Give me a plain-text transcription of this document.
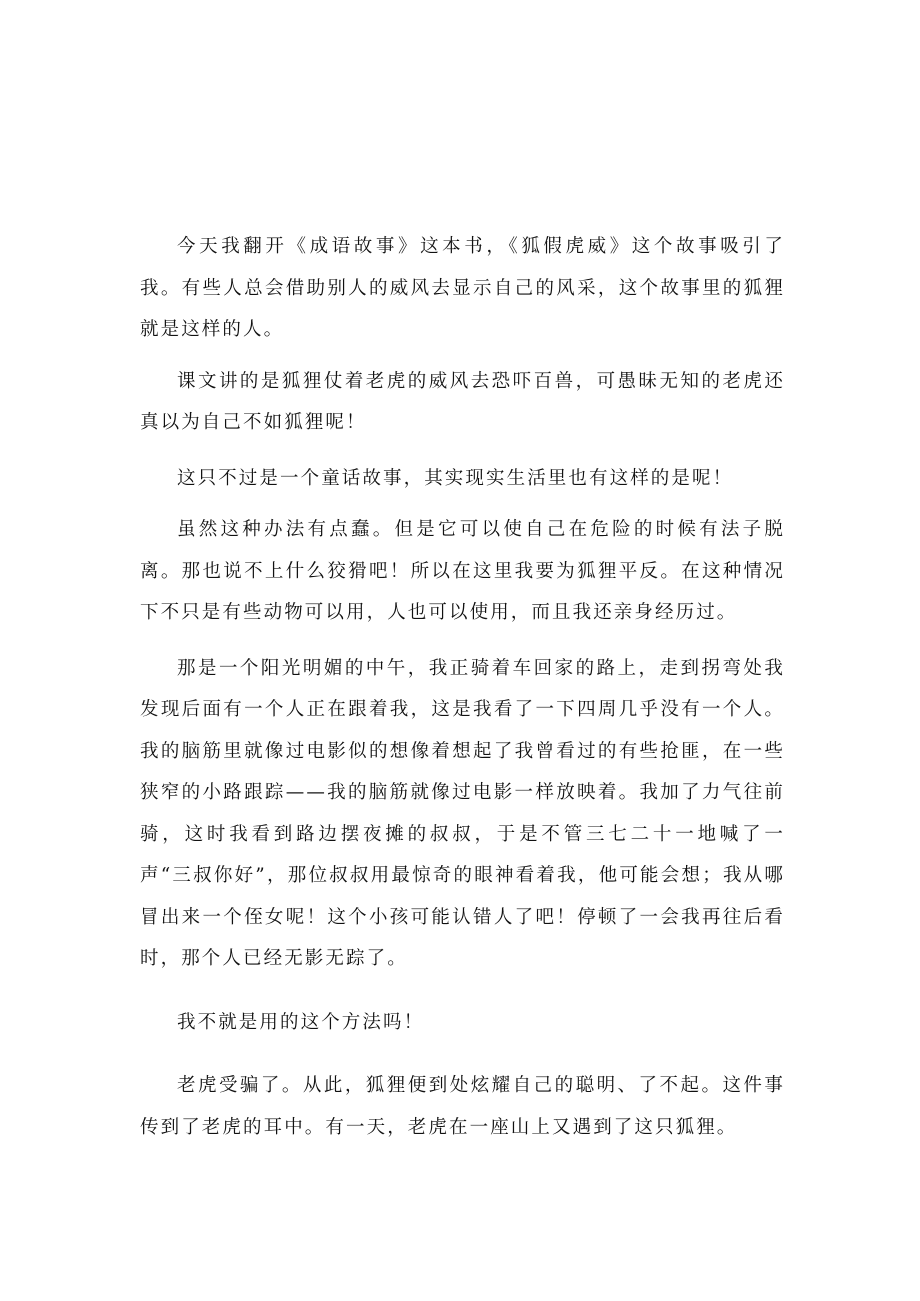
今天我翻开《成语故事》这本书，《狐假虎威》这个故事吸引了我。有些人总会借助别人的威风去显示自己的风采，这个故事里的狐狸就是这样的人。

课文讲的是狐狸仗着老虎的威风去恐吓百兽，可愚昧无知的老虎还真以为自己不如狐狸呢！

这只不过是一个童话故事，其实现实生活里也有这样的是呢！

虽然这种办法有点蠢。但是它可以使自己在危险的时候有法子脱离。那也说不上什么狡猾吧！所以在这里我要为狐狸平反。在这种情况下不只是有些动物可以用，人也可以使用，而且我还亲身经历过。

那是一个阳光明媚的中午，我正骑着车回家的路上，走到拐弯处我发现后面有一个人正在跟着我，这是我看了一下四周几乎没有一个人。我的脑筋里就像过电影似的想像着想起了我曾看过的有些抢匪，在一些狭窄的小路跟踪——我的脑筋就像过电影一样放映着。我加了力气往前骑，这时我看到路边摆夜摊的叔叔，于是不管三七二十一地喊了一声“三叔你好”，那位叔叔用最惊奇的眼神看着我，他可能会想；我从哪冒出来一个侄女呢！这个小孩可能认错人了吧！停顿了一会我再往后看时，那个人已经无影无踪了。

我不就是用的这个方法吗！

老虎受骗了。从此，狐狸便到处炫耀自己的聪明、了不起。这件事传到了老虎的耳中。有一天，老虎在一座山上又遇到了这只狐狸。
